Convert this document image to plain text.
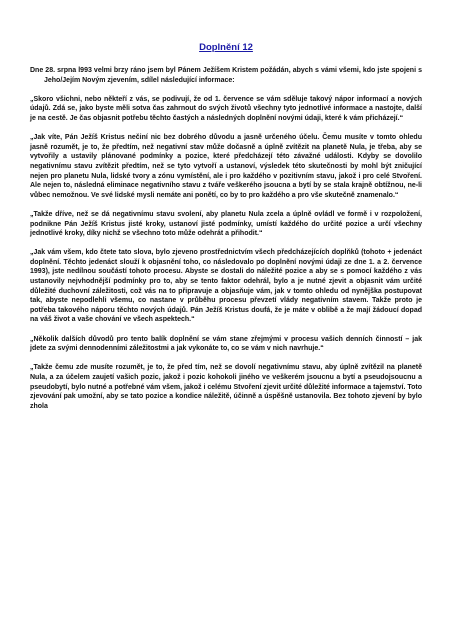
Doplnění 12

Dne 28. srpna l993 velmi brzy ráno jsem byl Pánem Ježíšem Kristem požádán, abych s vámi všemi, kdo jste spojeni s Jeho/Jejím Novým zjevením, sdílel následující informace:

„Skoro všichni, nebo někteří z vás, se podivují, že od 1. července se vám sděluje takový nápor informací a nových údajů. Zdá se, jako byste měli sotva čas zahrnout do svých životů všechny tyto jednotlivé informace a nastojte, další je na cestě. Je čas objasnit potřebu těchto častých a následných doplnění novými údaji, které k vám přicházejí.“

„Jak víte, Pán Ježíš Kristus nečiní nic bez dobrého důvodu a jasně určeného účelu. Čemu musíte v tomto ohledu jasně rozumět, je to, že předtím, než negativní stav může dočasně a úplně zvítězit na planetě Nula, je třeba, aby se vytvořily a ustavily plánované podmínky a pozice, které předcházejí této závažné události. Kdyby se dovolilo negativnímu stavu zvítězit předtím, než se tyto vytvoří a ustanoví, výsledek této skutečnosti by mohl být zničující nejen pro planetu Nula, lidské tvory a zónu vymístění, ale i pro každého v pozitivním stavu, jakož i pro celé Stvoření. Ale nejen to, následná eliminace negativního stavu z tváře veškerého jsoucna a bytí by se stala krajně obtížnou, ne-li vůbec nemožnou. Ve své lidské mysli nemáte ani ponětí, co by to pro každého a pro vše skutečně znamenalo.“

„Takže dříve, než se dá negativnímu stavu svolení, aby planetu Nula zcela a úplně ovládl ve formě i v rozpoložení, podnikne Pán Ježíš Kristus jisté kroky, ustanoví jisté podmínky, umístí každého do určité pozice a určí všechny jednotlivé kroky, díky nichž se všechno toto může odehrát a přihodit.“

„Jak vám všem, kdo čtete tato slova, bylo zjeveno prostřednictvím všech předcházejících doplňků (tohoto + jedenáct doplnění. Těchto jedenáct slouží k objasnění toho, co následovalo po doplnění novými údaji ze dne 1. a 2. července 1993), jste nedílnou součástí tohoto procesu. Abyste se dostali do náležité pozice a aby se s pomocí každého z vás ustanovily nejvhodnější podmínky pro to, aby se tento faktor odehrál, bylo a je nutné zjevit a objasnit vám určité důležité duchovní záležitosti, což vás na to připravuje a objasňuje vám, jak v tomto ohledu od nynějška postupovat tak, abyste nepodlehli všemu, co nastane v průběhu procesu převzetí vlády negativním stavem. Takže proto je potřeba takového náporu těchto nových údajů. Pán Ježíš Kristus doufá, že je máte v oblibě a že mají žádoucí dopad na váš život a vaše chování ve všech aspektech.“

„Několik dalších důvodů pro tento balík doplnění se vám stane zřejmými v procesu vašich denních činností – jak jdete za svými dennodenními záležitostmi a jak vykonáte to, co se vám v nich navrhuje.“

„Takže čemu zde musíte rozumět, je to, že před tím, než se dovolí negativnímu stavu, aby úplně zvítězil na planetě Nula, a za účelem zaujetí vašich pozic, jakož i pozic kohokoli jiného ve veškerém jsoucnu a bytí a pseudojsoucnu a pseudobytí, bylo nutné a potřebné vám všem, jakož i celému Stvoření zjevit určité důležité informace a tajemství. Toto zjevování pak umožní, aby se tato pozice a kondice náležitě, účinně a úspěšně ustanovila. Bez tohoto zjevení by bylo zhola
